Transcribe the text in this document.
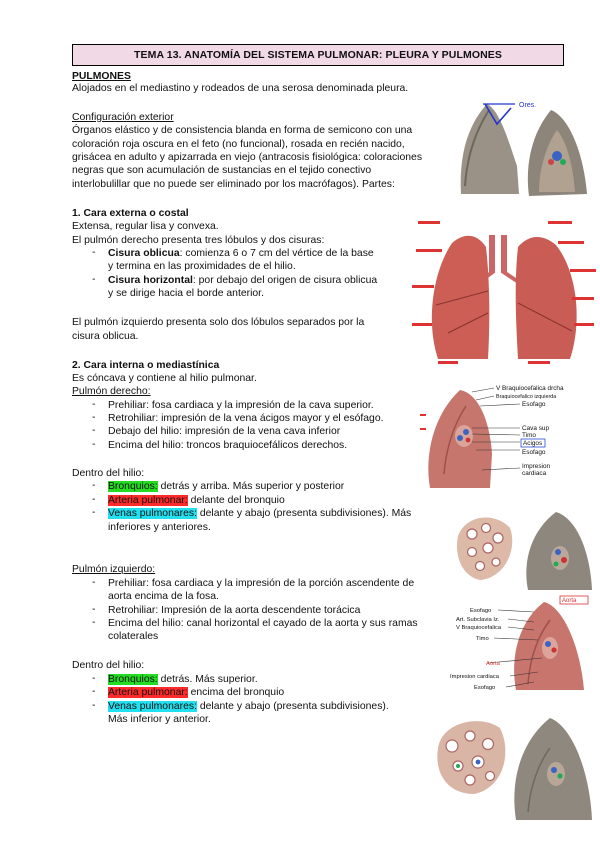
TEMA 13. ANATOMÍA DEL SISTEMA PULMONAR: PLEURA Y PULMONES
PULMONES
Alojados en el mediastino y rodeados de una serosa denominada pleura.
Configuración exterior
Órganos elástico y de consistencia blanda en forma de semicono con una
coloración roja oscura en el feto (no funcional), rosada en recién nacido,
grisácea en adulto y apizarrada en viejo (antracosis fisiológica: coloraciones
negras que son acumulación de sustancias en el tejido conectivo
interlobulillar que no puede ser eliminado por los macrófagos). Partes:
1. Cara externa o costal
Extensa, regular lisa y convexa.
El pulmón derecho presenta tres lóbulos y dos cisuras:
- Cisura oblicua: comienza 6 o 7 cm del vértice de la base
y termina en las proximidades de el hilio.
- Cisura horizontal: por debajo del origen de cisura oblicua
y se dirige hacia el borde anterior.
El pulmón izquierdo presenta solo dos lóbulos separados por la
cisura oblicua.
2. Cara interna o mediastínica
Es cóncava y contiene al hilio pulmonar.
Pulmón derecho:
- Prehiliar: fosa cardiaca y la impresión de la cava superior.
- Retrohiliar: impresión de la vena ácigos mayor y el esófago.
- Debajo del hilio: impresión de la vena cava inferior
- Encima del hilio: troncos braquiocefálicos derechos.
Dentro del hilio:
- Bronquios: detrás y arriba. Más superior y posterior
- Arteria pulmonar: delante del bronquio
- Venas pulmonares: delante y abajo (presenta subdivisiones). Más
inferiores y anteriores.
Pulmón izquierdo:
- Prehiliar: fosa cardiaca y la impresión de la porción ascendente de
aorta encima de la fosa.
- Retrohiliar: Impresión de la aorta descendente torácica
- Encima del hilio: canal horizontal el cayado de la aorta y sus ramas
colaterales
Dentro del hilio:
- Bronquios: detrás. Más superior.
- Arteria pulmonar: encima del bronquio
- Venas pulmonares: delante y abajo (presenta subdivisiones).
Más inferior y anterior.
Ores.
V Braquiocefalica drcha
Braquiocefalico izquierda
Esofago
Cava sup
Timo
Acigos
Esofago
Impresion
cardiaca
Aorta
Esofago
Art. Subclavia Iz.
V Braquiocefalica
Timo
Aorta
Impresion cardiaca
Esofago
